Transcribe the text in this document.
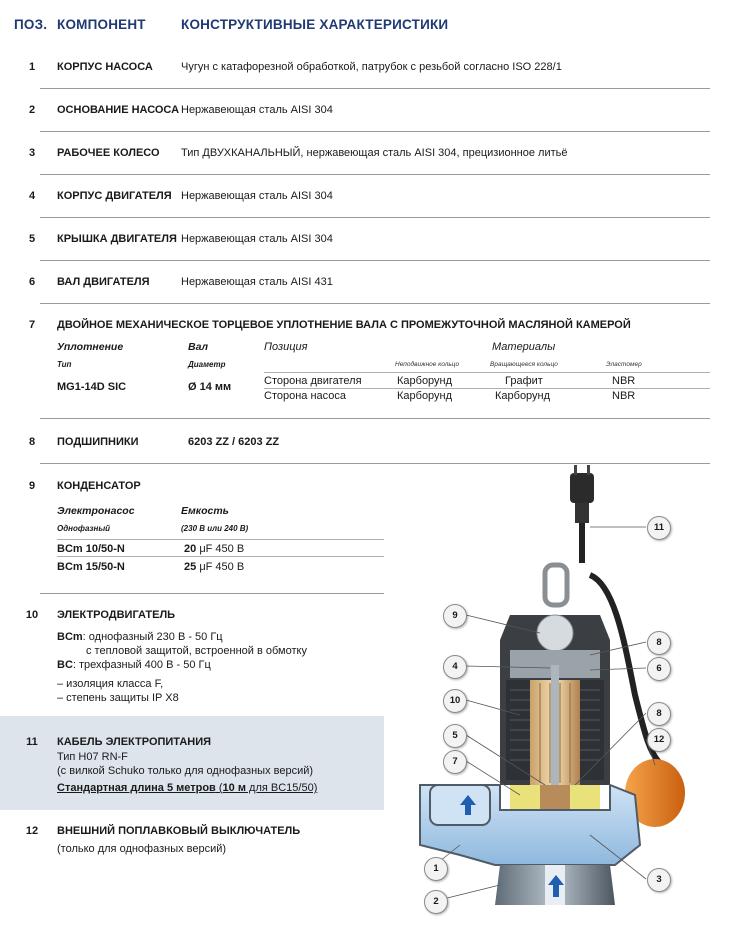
ПОЗ. КОМПОНЕНТ	КОНСТРУКТИВНЫЕ ХАРАКТЕРИСТИКИ
1	КОРПУС НАСОСА	Чугун с катафорезной обработкой, патрубок с резьбой согласно ISO 228/1
2	ОСНОВАНИЕ НАСОСА Нержавеющая сталь AISI 304
3	РАБОЧЕЕ КОЛЕСО Тип ДВУХКАНАЛЬНЫЙ, нержавеющая сталь AISI 304, прецизионное литьё
4	КОРПУС ДВИГАТЕЛЯ Нержавеющая сталь AISI 304
5	КРЫШКА ДВИГАТЕЛЯ Нержавеющая сталь AISI 304
6	ВАЛ ДВИГАТЕЛЯ	Нержавеющая сталь AISI 431
7	ДВОЙНОЕ МЕХАНИЧЕСКОЕ ТОРЦЕВОЕ УПЛОТНЕНИЕ ВАЛА С ПРОМЕЖУТОЧНОЙ МАСЛЯНОЙ КАМЕРОЙ
Уплотнение	Вал	Позиция	Материалы
Тип	Диаметр	Неподвижное кольцо	Вращающееся кольцо	Эластомер
MG1-14D SIC	Ø 14 мм	Сторона двигателя	Карборунд	Графит	NBR
Сторона насоса	Карборунд	Карборунд	NBR
8	ПОДШИПНИКИ	6203 ZZ / 6203 ZZ
9	КОНДЕНСАТОР
Электронасос	Емкость
Однофазный	(230 В или 240 В)
BCm 10/50-N	20 μF 450 В
BCm 15/50-N	25 μF 450 В
10	ЭЛЕКТРОДВИГАТЕЛЬ
BCm: однофазный 230 В - 50 Гц
с тепловой защитой, встроенной в обмотку
BC: трехфазный 400 В - 50 Гц
– изоляция класса F,
– степень защиты IP X8
11	КАБЕЛЬ ЭЛЕКТРОПИТАНИЯ
Тип H07 RN-F
(с вилкой Schuko только для однофазных версий)
Стандартная длина 5 метров (10 м для BC15/50)
12	ВНЕШНИЙ ПОПЛАВКОВЫЙ ВЫКЛЮЧАТЕЛЬ
(только для однофазных версий)
11
9
8
4	6
10
8
5	12
7
1
3
2
